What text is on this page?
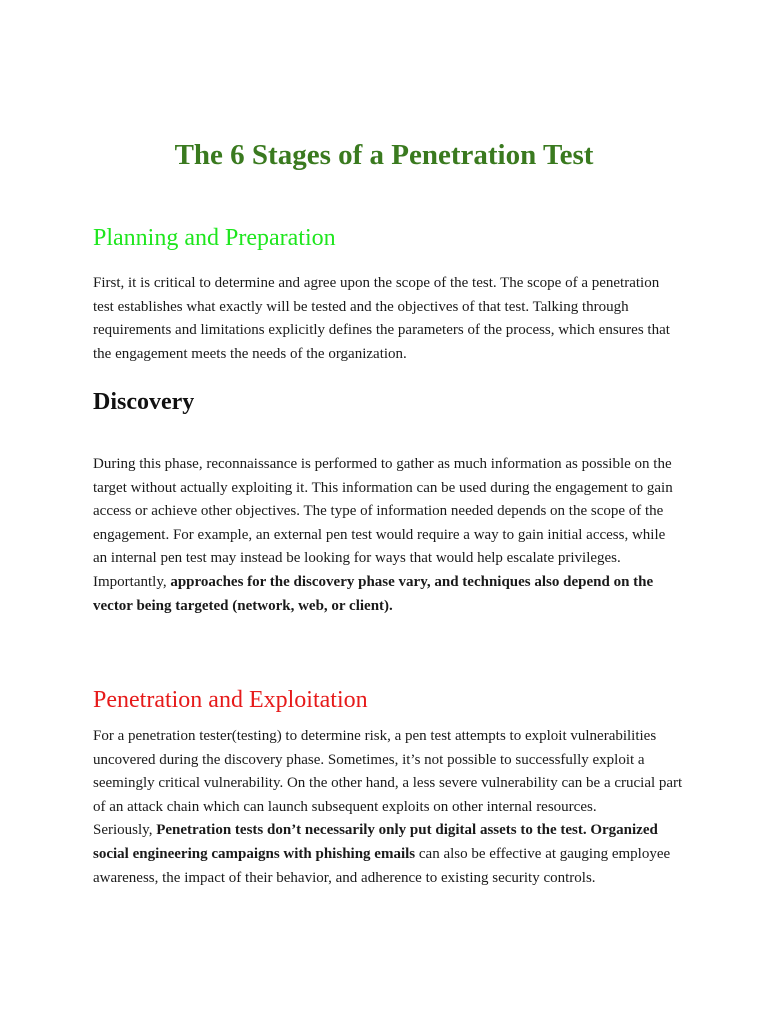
The 6 Stages of a Penetration Test
Planning and Preparation

First, it is critical to determine and agree upon the scope of the test. The scope of a penetration test establishes what exactly will be tested and the objectives of that test. Talking through requirements and limitations explicitly defines the parameters of the process, which ensures that the engagement meets the needs of the organization.

Discovery

During this phase, reconnaissance is performed to gather as much information as possible on the target without actually exploiting it. This information can be used during the engagement to gain access or achieve other objectives. The type of information needed depends on the scope of the engagement. For example, an external pen test would require a way to gain initial access, while an internal pen test may instead be looking for ways that would help escalate privileges.
Importantly, approaches for the discovery phase vary, and techniques also depend on the vector being targeted (network, web, or client).

Penetration and Exploitation

For a penetration tester(testing) to determine risk, a pen test attempts to exploit vulnerabilities uncovered during the discovery phase. Sometimes, it’s not possible to successfully exploit a seemingly critical vulnerability. On the other hand, a less severe vulnerability can be a crucial part of an attack chain which can launch subsequent exploits on other internal resources.
Seriously, Penetration tests don’t necessarily only put digital assets to the test. Organized social engineering campaigns with phishing emails can also be effective at gauging employee awareness, the impact of their behavior, and adherence to existing security controls.
